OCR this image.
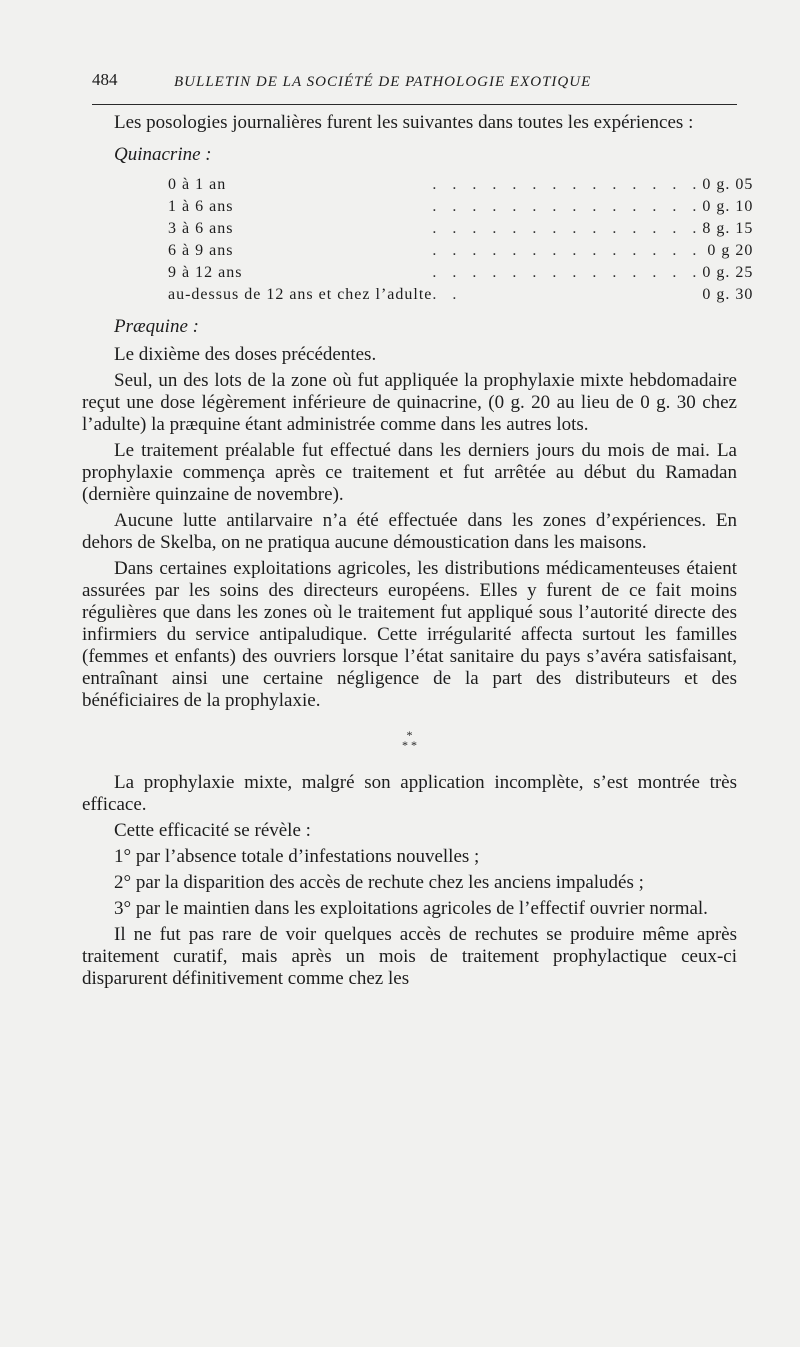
484	BULLETIN DE LA SOCIÉTÉ DE PATHOLOGIE EXOTIQUE

Les posologies journalières furent les suivantes dans toutes les expériences :

Quinacrine :
0 à 1 an	. . . . . . . . . . . . . .	0 g. 05
1 à 6 ans	. . . . . . . . . . . . . .	0 g. 10
3 à 6 ans	. . . . . . . . . . . . . .	8 g. 15
6 à 9 ans	. . . . . . . . . . . . . .	0 g 20
9 à 12 ans	. . . . . . . . . . . . . .	0 g. 25
au-dessus de 12 ans et chez l’adulte	. .	0 g. 30
Præquine :

Le dixième des doses précédentes.

Seul, un des lots de la zone où fut appliquée la prophylaxie mixte hebdomadaire reçut une dose légèrement inférieure de quinacrine, (0 g. 20 au lieu de 0 g. 30 chez l’adulte) la præquine étant administrée comme dans les autres lots.

Le traitement préalable fut effectué dans les derniers jours du mois de mai. La prophylaxie commença après ce traitement et fut arrêtée au début du Ramadan (dernière quinzaine de novembre).

Aucune lutte antilarvaire n’a été effectuée dans les zones d’expériences. En dehors de Skelba, on ne pratiqua aucune démoustication dans les maisons.

Dans certaines exploitations agricoles, les distributions médicamenteuses étaient assurées par les soins des directeurs européens. Elles y furent de ce fait moins régulières que dans les zones où le traitement fut appliqué sous l’autorité directe des infirmiers du service antipaludique. Cette irrégularité affecta surtout les familles (femmes et enfants) des ouvriers lorsque l’état sanitaire du pays s’avéra satisfaisant, entraînant ainsi une certaine négligence de la part des distributeurs et des bénéficiaires de la prophylaxie.

*
* *

La prophylaxie mixte, malgré son application incomplète, s’est montrée très efficace.

Cette efficacité se révèle :

1° par l’absence totale d’infestations nouvelles ;

2° par la disparition des accès de rechute chez les anciens impaludés ;

3° par le maintien dans les exploitations agricoles de l’effectif ouvrier normal.

Il ne fut pas rare de voir quelques accès de rechutes se produire même après traitement curatif, mais après un mois de traitement prophylactique ceux-ci disparurent définitivement comme chez les
